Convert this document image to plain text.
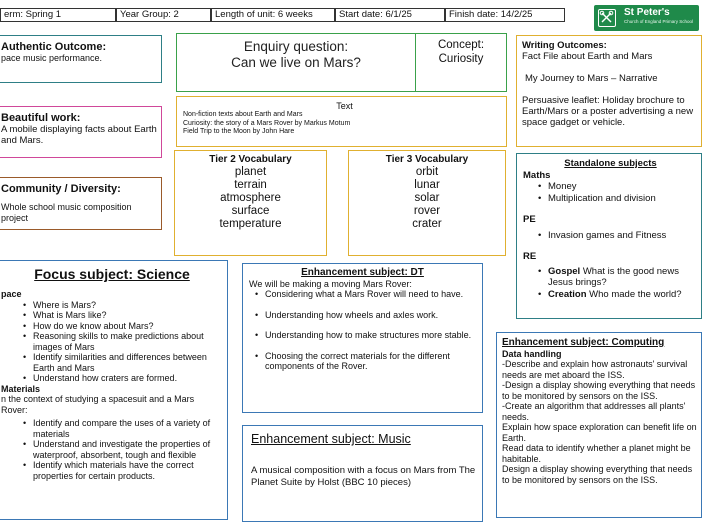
erm: Spring 1	Year Group: 2	Length of unit: 6 weeks	Start date: 6/1/25	Finish date: 14/2/25	St Peter's
Church of England Primary School
Authentic Outcome:
pace music performance.
Enquiry question:
Can we live on Mars?
Concept:
Curiosity
Writing Outcomes:
Fact File about Earth and Mars
My Journey to Mars – Narrative
Persuasive leaflet: Holiday brochure to Earth/Mars or a poster advertising a new space gadget or vehicle.
Text
Non-fiction texts about Earth and Mars
Curiosity: the story of a Mars Rover by Markus Motum
Field Trip to the Moon by John Hare
Beautiful work:
A mobile displaying facts about Earth and Mars.
Tier 2 Vocabulary
planet
terrain
atmosphere
surface
temperature
Tier 3 Vocabulary
orbit
lunar
solar
rover
crater
Community / Diversity:
Whole school music composition project
Standalone subjects
Maths
• Money
• Multiplication and division
PE
• Invasion games and Fitness
RE
• Gospel What is the good news Jesus brings?
• Creation Who made the world?
Focus subject: Science
pace
• Where is Mars?
• What is Mars like?
• How do we know about Mars?
• Reasoning skills to make predictions about images of Mars
• Identify similarities and differences between Earth and Mars
• Understand how craters are formed.
Materials
n the context of studying a spacesuit and a Mars Rover:
• Identify and compare the uses of a variety of materials
• Understand and investigate the properties of waterproof, absorbent, tough and flexible
• Identify which materials have the correct properties for certain products.
Enhancement subject: DT
We will be making a moving Mars Rover:
• Considering what a Mars Rover will need to have.
• Understanding how wheels and axles work.
• Understanding how to make structures more stable.
• Choosing the correct materials for the different components of the Rover.
Enhancement subject: Music
A musical composition with a focus on Mars from The Planet Suite by Holst (BBC 10 pieces)
Enhancement subject: Computing
Data handling
-Describe and explain how astronauts' survival needs are met aboard the ISS.
-Design a display showing everything that needs to be monitored by sensors on the ISS.
-Create an algorithm that addresses all plants' needs.
Explain how space exploration can benefit life on Earth.
Read data to identify whether a planet might be habitable.
Design a display showing everything that needs to be monitored by sensors on the ISS.
